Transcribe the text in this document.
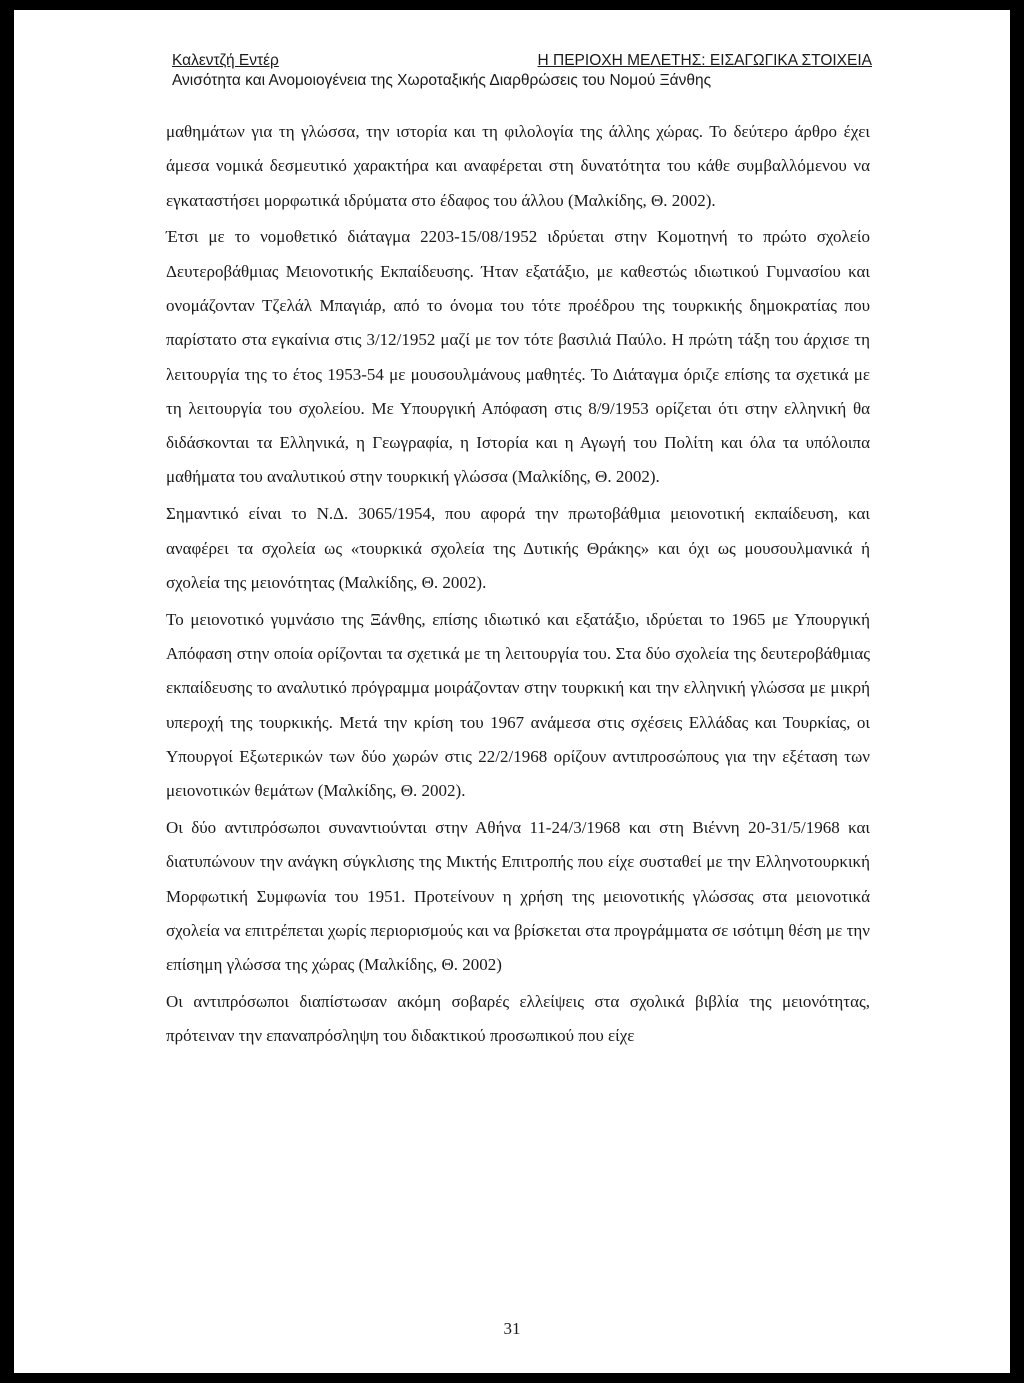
Καλεντζή Εντέρ	Η ΠΕΡΙΟΧΗ ΜΕΛΕΤΗΣ: ΕΙΣΑΓΩΓΙΚΑ ΣΤΟΙΧΕΙΑ
Ανισότητα και Ανομοιογένεια της Χωροταξικής Διαρθρώσεις του Νομού Ξάνθης

μαθημάτων για τη γλώσσα, την ιστορία και τη φιλολογία της άλλης χώρας. Το δεύτερο άρθρο έχει άμεσα νομικά δεσμευτικό χαρακτήρα και αναφέρεται στη δυνατότητα του κάθε συμβαλλόμενου να εγκαταστήσει μορφωτικά ιδρύματα στο έδαφος του άλλου (Μαλκίδης, Θ. 2002).

Έτσι με το νομοθετικό διάταγμα 2203-15/08/1952 ιδρύεται στην Κομοτηνή το πρώτο σχολείο Δευτεροβάθμιας Μειονοτικής Εκπαίδευσης. Ήταν εξατάξιο, με καθεστώς ιδιωτικού Γυμνασίου και ονομάζονταν Τζελάλ Μπαγιάρ, από το όνομα του τότε προέδρου της τουρκικής δημοκρατίας που παρίστατο στα εγκαίνια στις 3/12/1952 μαζί με τον τότε βασιλιά Παύλο. Η πρώτη τάξη του άρχισε τη λειτουργία της το έτος 1953-54 με μουσουλμάνους μαθητές. Το Διάταγμα όριζε επίσης τα σχετικά με τη λειτουργία του σχολείου. Με Υπουργική Απόφαση στις 8/9/1953 ορίζεται ότι στην ελληνική θα διδάσκονται τα Ελληνικά, η Γεωγραφία, η Ιστορία και η Αγωγή του Πολίτη και όλα τα υπόλοιπα μαθήματα του αναλυτικού στην τουρκική γλώσσα (Μαλκίδης, Θ. 2002).

Σημαντικό είναι το Ν.Δ. 3065/1954, που αφορά την πρωτοβάθμια μειονοτική εκπαίδευση, και αναφέρει τα σχολεία ως «τουρκικά σχολεία της Δυτικής Θράκης» και όχι ως μουσουλμανικά ή σχολεία της μειονότητας (Μαλκίδης, Θ. 2002).

Το μειονοτικό γυμνάσιο της Ξάνθης, επίσης ιδιωτικό και εξατάξιο, ιδρύεται το 1965 με Υπουργική Απόφαση στην οποία ορίζονται τα σχετικά με τη λειτουργία του. Στα δύο σχολεία της δευτεροβάθμιας εκπαίδευσης το αναλυτικό πρόγραμμα μοιράζονταν στην τουρκική και την ελληνική γλώσσα με μικρή υπεροχή της τουρκικής. Μετά την κρίση του 1967 ανάμεσα στις σχέσεις Ελλάδας και Τουρκίας, οι Υπουργοί Εξωτερικών των δύο χωρών στις 22/2/1968 ορίζουν αντιπροσώπους για την εξέταση των μειονοτικών θεμάτων (Μαλκίδης, Θ. 2002).

Οι δύο αντιπρόσωποι συναντιούνται στην Αθήνα 11-24/3/1968 και στη Βιέννη 20-31/5/1968 και διατυπώνουν την ανάγκη σύγκλισης της Μικτής Επιτροπής που είχε συσταθεί με την Ελληνοτουρκική Μορφωτική Συμφωνία του 1951. Προτείνουν η χρήση της μειονοτικής γλώσσας στα μειονοτικά σχολεία να επιτρέπεται χωρίς περιορισμούς και να βρίσκεται στα προγράμματα σε ισότιμη θέση με την επίσημη γλώσσα της χώρας (Μαλκίδης, Θ. 2002)

Οι αντιπρόσωποι διαπίστωσαν ακόμη σοβαρές ελλείψεις στα σχολικά βιβλία της μειονότητας, πρότειναν την επαναπρόσληψη του διδακτικού προσωπικού που είχε

31
